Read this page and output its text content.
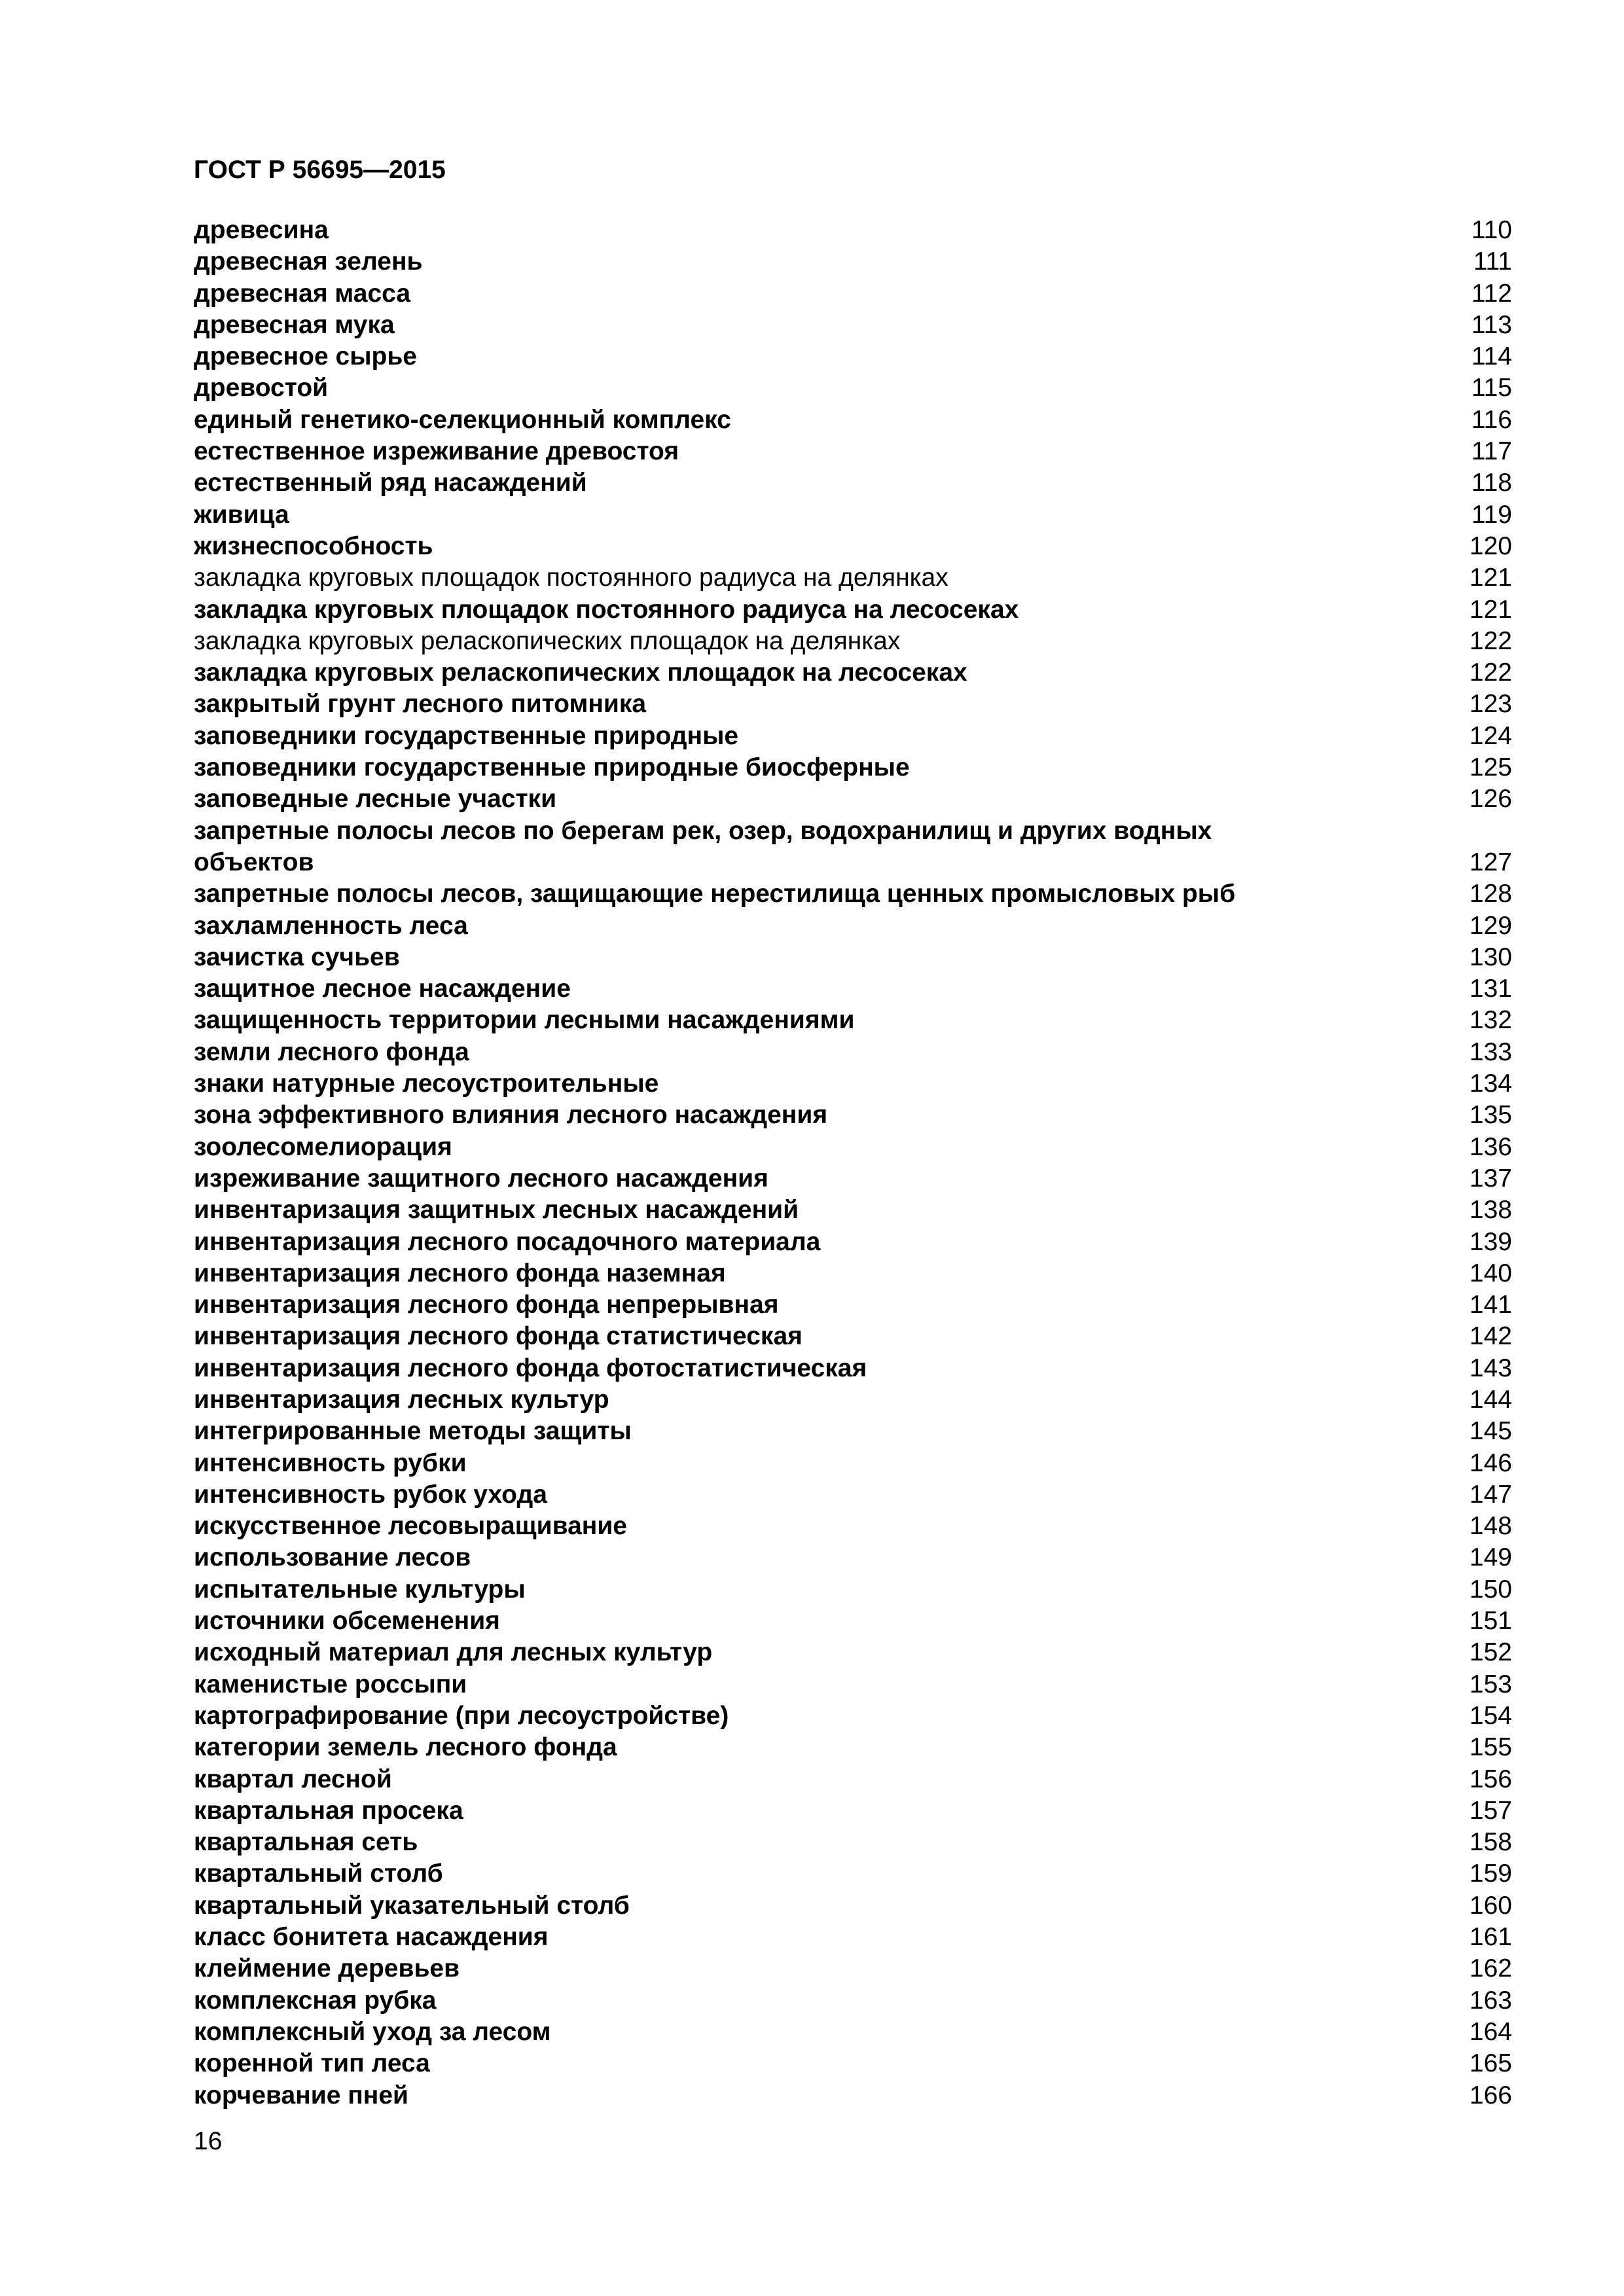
ГОСТ Р 56695—2015
древесина	110
древесная зелень	111
древесная масса	112
древесная мука	113
древесное сырье	114
древостой	115
единый генетико-селекционный комплекс	116
естественное изреживание древостоя	117
естественный ряд насаждений	118
живица	119
жизнеспособность	120
закладка круговых площадок постоянного радиуса на делянках	121
закладка круговых площадок постоянного радиуса на лесосеках	121
закладка круговых реласкопических площадок на делянках	122
закладка круговых реласкопических площадок на лесосеках	122
закрытый грунт лесного питомника	123
заповедники государственные природные	124
заповедники государственные природные биосферные	125
заповедные лесные участки	126
запретные полосы лесов по берегам рек, озер, водохранилищ и других водных объектов	127
запретные полосы лесов, защищающие нерестилища ценных промысловых рыб	128
захламленность леса	129
зачистка сучьев	130
защитное лесное насаждение	131
защищенность территории лесными насаждениями	132
земли лесного фонда	133
знаки натурные лесоустроительные	134
зона эффективного влияния лесного насаждения	135
зоолесомелиорация	136
изреживание защитного лесного насаждения	137
инвентаризация защитных лесных насаждений	138
инвентаризация лесного посадочного материала	139
инвентаризация лесного фонда наземная	140
инвентаризация лесного фонда непрерывная	141
инвентаризация лесного фонда статистическая	142
инвентаризация лесного фонда фотостатистическая	143
инвентаризация лесных культур	144
интегрированные методы защиты	145
интенсивность рубки	146
интенсивность рубок ухода	147
искусственное лесовыращивание	148
использование лесов	149
испытательные культуры	150
источники обсеменения	151
исходный материал для лесных культур	152
каменистые россыпи	153
картографирование (при лесоустройстве)	154
категории земель лесного фонда	155
квартал лесной	156
квартальная просека	157
квартальная сеть	158
квартальный столб	159
квартальный указательный столб	160
класс бонитета насаждения	161
клеймение деревьев	162
комплексная рубка	163
комплексный уход за лесом	164
коренной тип леса	165
корчевание пней	166
16
